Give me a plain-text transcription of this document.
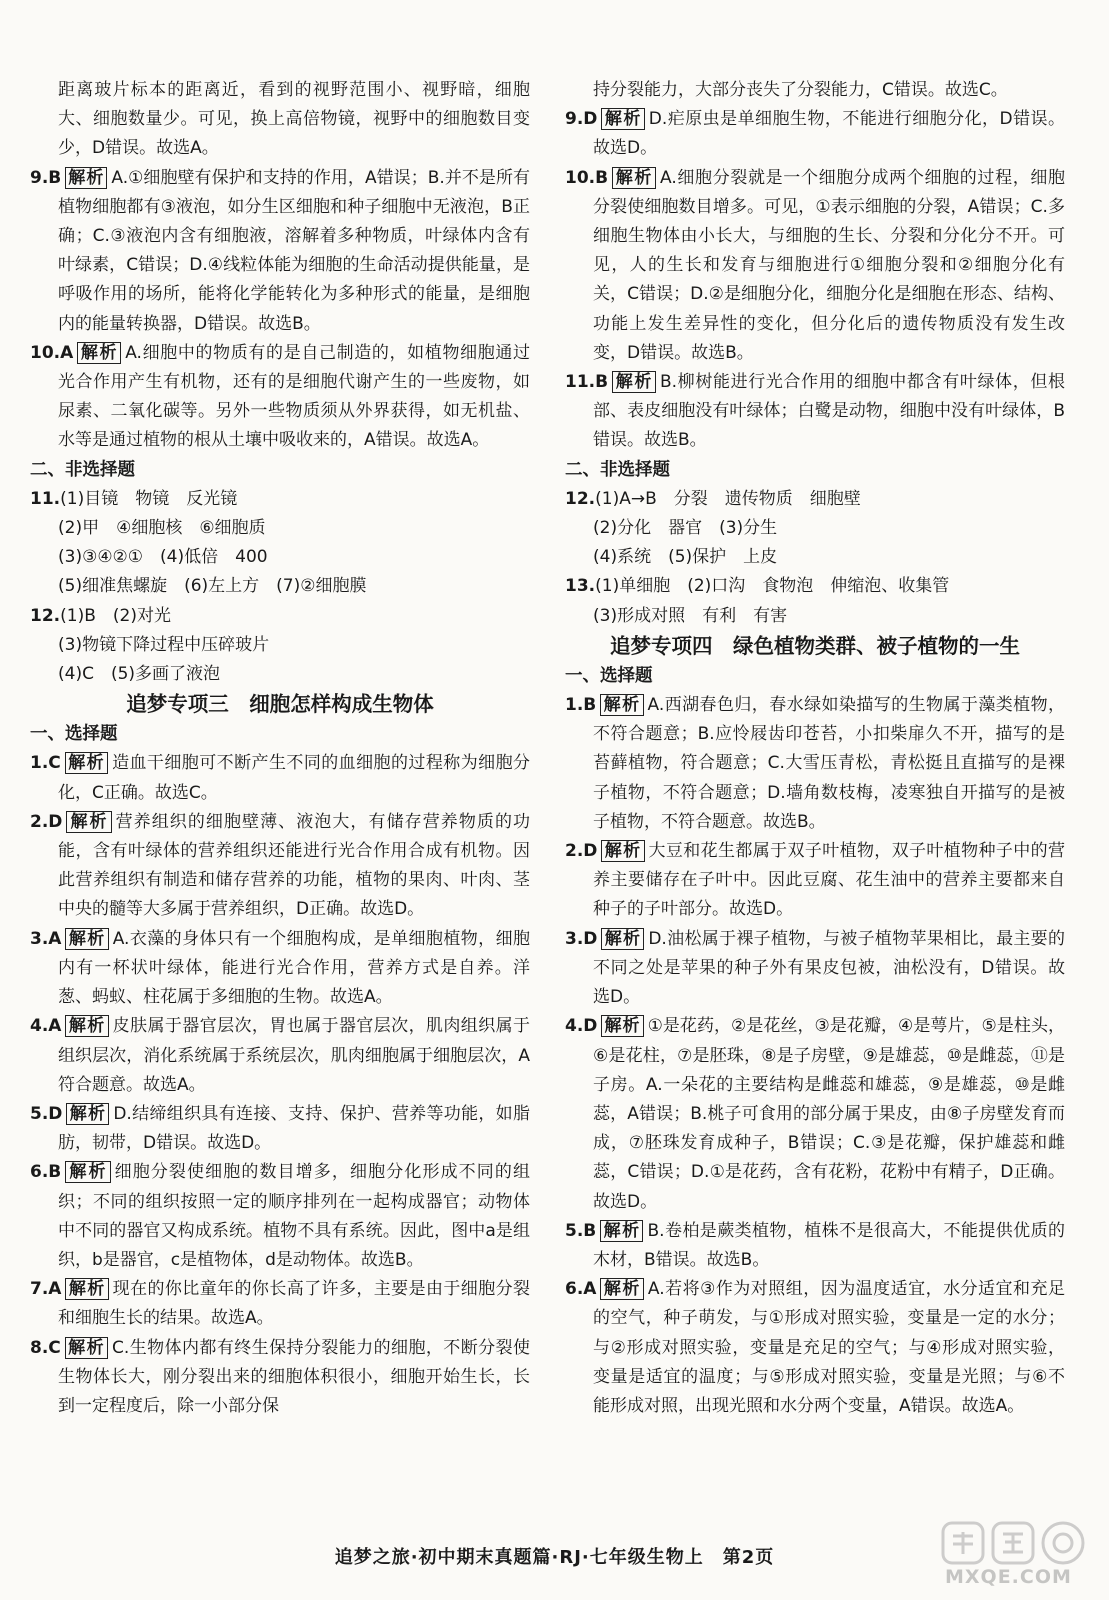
距离玻片标本的距离近，看到的视野范围小、视野暗，细胞大、细胞数量少。可见，换上高倍物镜，视野中的细胞数目变少，D错误。故选A。

9.B 解析 A.①细胞壁有保护和支持的作用，A错误；B.并不是所有植物细胞都有③液泡，如分生区细胞和种子细胞中无液泡，B正确；C.③液泡内含有细胞液，溶解着多种物质，叶绿体内含有叶绿素，C错误；D.④线粒体能为细胞的生命活动提供能量，是呼吸作用的场所，能将化学能转化为多种形式的能量，是细胞内的能量转换器，D错误。故选B。

10.A 解析 A.细胞中的物质有的是自己制造的，如植物细胞通过光合作用产生有机物，还有的是细胞代谢产生的一些废物，如尿素、二氧化碳等。另外一些物质须从外界获得，如无机盐、水等是通过植物的根从土壤中吸收来的，A错误。故选A。

二、非选择题

11.(1)目镜　物镜　反光镜

(2)甲　④细胞核　⑥细胞质

(3)③④②①　(4)低倍　400

(5)细准焦螺旋　(6)左上方　(7)②细胞膜

12.(1)B　(2)对光

(3)物镜下降过程中压碎玻片

(4)C　(5)多画了液泡

追梦专项三　细胞怎样构成生物体

一、选择题

1.C 解析 造血干细胞可不断产生不同的血细胞的过程称为细胞分化，C正确。故选C。

2.D 解析 营养组织的细胞壁薄、液泡大，有储存营养物质的功能，含有叶绿体的营养组织还能进行光合作用合成有机物。因此营养组织有制造和储存营养的功能，植物的果肉、叶肉、茎中央的髓等大多属于营养组织，D正确。故选D。

3.A 解析 A.衣藻的身体只有一个细胞构成，是单细胞植物，细胞内有一杯状叶绿体，能进行光合作用，营养方式是自养。洋葱、蚂蚁、柱花属于多细胞的生物。故选A。

4.A 解析 皮肤属于器官层次，胃也属于器官层次，肌肉组织属于组织层次，消化系统属于系统层次，肌肉细胞属于细胞层次，A符合题意。故选A。

5.D 解析 D.结缔组织具有连接、支持、保护、营养等功能，如脂肪，韧带，D错误。故选D。

6.B 解析 细胞分裂使细胞的数目增多，细胞分化形成不同的组织；不同的组织按照一定的顺序排列在一起构成器官；动物体中不同的器官又构成系统。植物不具有系统。因此，图中a是组织，b是器官，c是植物体，d是动物体。故选B。

7.A 解析 现在的你比童年的你长高了许多，主要是由于细胞分裂和细胞生长的结果。故选A。

8.C 解析 C.生物体内都有终生保持分裂能力的细胞，不断分裂使生物体长大，刚分裂出来的细胞体积很小，细胞开始生长，长到一定程度后，除一小部分保

持分裂能力，大部分丧失了分裂能力，C错误。故选C。

9.D 解析 D.疟原虫是单细胞生物，不能进行细胞分化，D错误。故选D。

10.B 解析 A.细胞分裂就是一个细胞分成两个细胞的过程，细胞分裂使细胞数目增多。可见，①表示细胞的分裂，A错误；C.多细胞生物体由小长大，与细胞的生长、分裂和分化分不开。可见，人的生长和发育与细胞进行①细胞分裂和②细胞分化有关，C错误；D.②是细胞分化，细胞分化是细胞在形态、结构、功能上发生差异性的变化，但分化后的遗传物质没有发生改变，D错误。故选B。

11.B 解析 B.柳树能进行光合作用的细胞中都含有叶绿体，但根部、表皮细胞没有叶绿体；白鹭是动物，细胞中没有叶绿体，B错误。故选B。

二、非选择题

12.(1)A→B　分裂　遗传物质　细胞壁

(2)分化　器官　(3)分生

(4)系统　(5)保护　上皮

13.(1)单细胞　(2)口沟　食物泡　伸缩泡、收集管

(3)形成对照　有利　有害

追梦专项四　绿色植物类群、被子植物的一生

一、选择题

1.B 解析 A.西湖春色归，春水绿如染描写的生物属于藻类植物，不符合题意；B.应怜屐齿印苍苔，小扣柴扉久不开，描写的是苔藓植物，符合题意；C.大雪压青松，青松挺且直描写的是裸子植物，不符合题意；D.墙角数枝梅，凌寒独自开描写的是被子植物，不符合题意。故选B。

2.D 解析 大豆和花生都属于双子叶植物，双子叶植物种子中的营养主要储存在子叶中。因此豆腐、花生油中的营养主要都来自种子的子叶部分。故选D。

3.D 解析 D.油松属于裸子植物，与被子植物苹果相比，最主要的不同之处是苹果的种子外有果皮包被，油松没有，D错误。故选D。

4.D 解析 ①是花药，②是花丝，③是花瓣，④是萼片，⑤是柱头，⑥是花柱，⑦是胚珠，⑧是子房壁，⑨是雄蕊，⑩是雌蕊，⑪是子房。A.一朵花的主要结构是雌蕊和雄蕊，⑨是雄蕊，⑩是雌蕊，A错误；B.桃子可食用的部分属于果皮，由⑧子房壁发育而成，⑦胚珠发育成种子，B错误；C.③是花瓣，保护雄蕊和雌蕊，C错误；D.①是花药，含有花粉，花粉中有精子，D正确。故选D。

5.B 解析 B.卷柏是蕨类植物，植株不是很高大，不能提供优质的木材，B错误。故选B。

6.A 解析 A.若将③作为对照组，因为温度适宜，水分适宜和充足的空气，种子萌发，与①形成对照实验，变量是一定的水分；与②形成对照实验，变量是充足的空气；与④形成对照实验，变量是适宜的温度；与⑤形成对照实验，变量是光照；与⑥不能形成对照，出现光照和水分两个变量，A错误。故选A。

追梦之旅·初中期末真题篇·RJ·七年级生物上　第2页
MXQE.COM
